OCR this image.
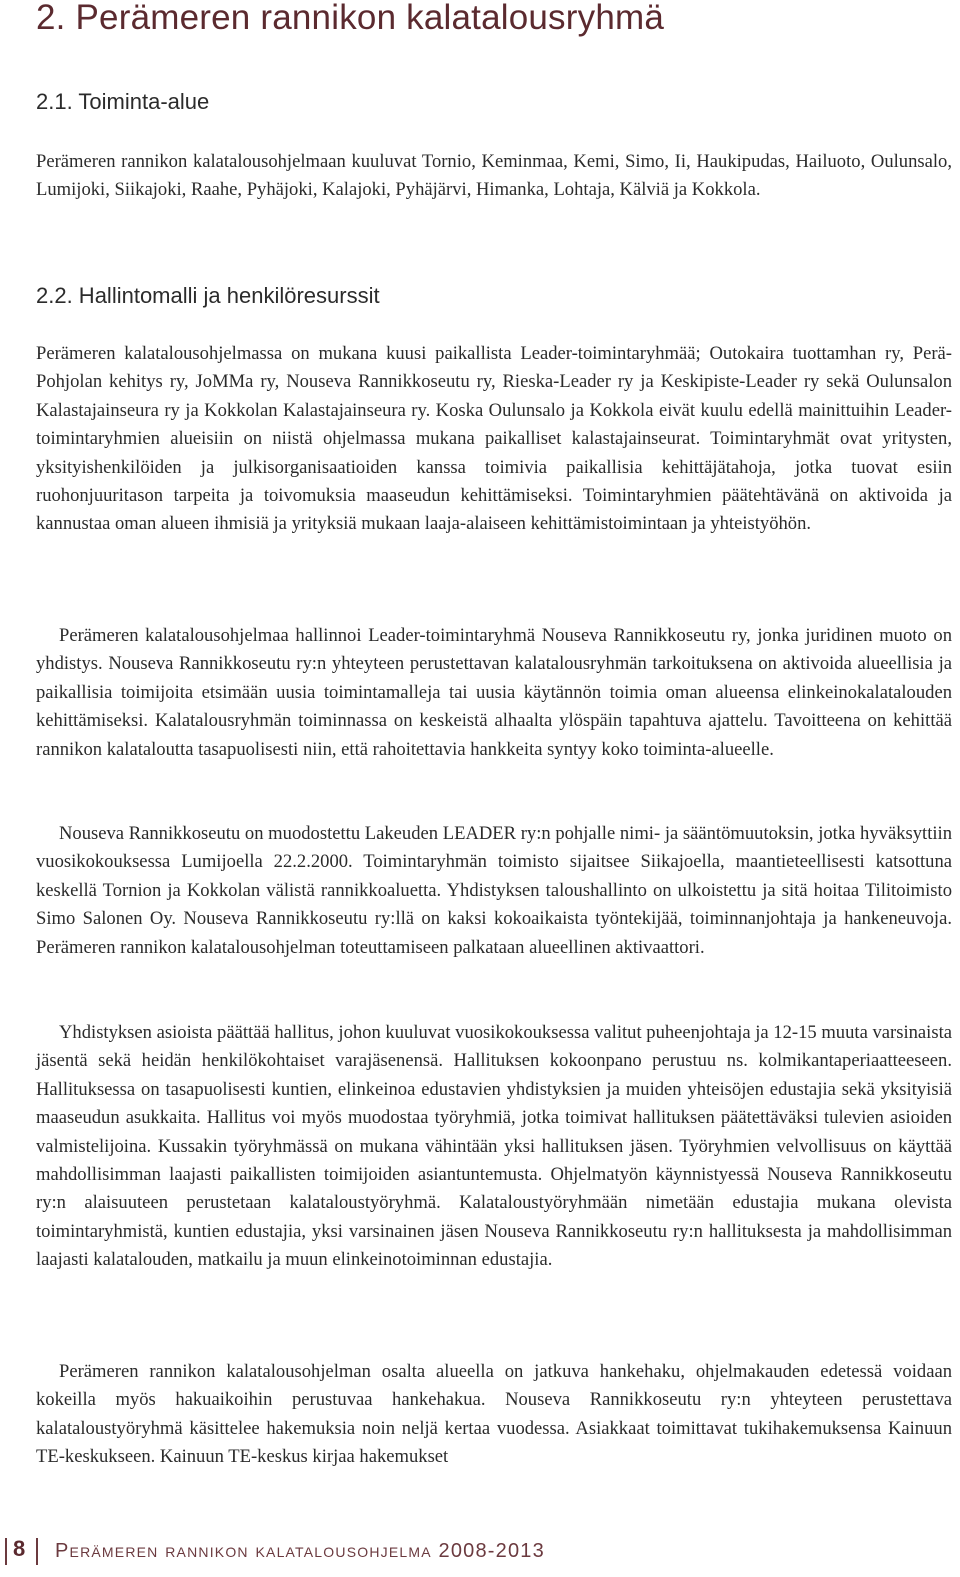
2. Perämeren rannikon kalatalousryhmä
2.1. Toiminta-alue

Perämeren rannikon kalatalousohjelmaan kuuluvat Tornio, Keminmaa, Kemi, Simo, Ii, Haukipudas, Hailuoto, Oulunsalo, Lumijoki, Siikajoki, Raahe, Pyhäjoki, Kalajoki, Pyhäjärvi, Himanka, Lohtaja, Kälviä ja Kokkola.

2.2. Hallintomalli ja henkilöresurssit

Perämeren kalatalousohjelmassa on mukana kuusi paikallista Leader-toimintaryhmää; Outokaira tuottamhan ry, Perä-Pohjolan kehitys ry, JoMMa ry, Nouseva Rannikkoseutu ry, Rieska-Leader ry ja Keskipiste-Leader ry sekä Oulunsalon Kalastajainseura ry ja Kokkolan Kalastajainseura ry. Koska Oulunsalo ja Kokkola eivät kuulu edellä mainittuihin Leader-toimintaryhmien alueisiin on niistä ohjelmassa mukana paikalliset kalastajainseurat. Toimintaryhmät ovat yritysten, yksityishenkilöiden ja julkisorganisaatioiden kanssa toimivia paikallisia kehittäjätahoja, jotka tuovat esiin ruohonjuuritason tarpeita ja toivomuksia maaseudun kehittämiseksi. Toimintaryhmien päätehtävänä on aktivoida ja kannustaa oman alueen ihmisiä ja yrityksiä mukaan laaja-alaiseen kehittämistoimintaan ja yhteistyöhön.

Perämeren kalatalousohjelmaa hallinnoi Leader-toimintaryhmä Nouseva Rannikkoseutu ry, jonka juridinen muoto on yhdistys. Nouseva Rannikkoseutu ry:n yhteyteen perustettavan kalatalousryhmän tarkoituksena on aktivoida alueellisia ja paikallisia toimijoita etsimään uusia toimintamalleja tai uusia käytännön toimia oman alueensa elinkeinokalatalouden kehittämiseksi. Kalatalousryhmän toiminnassa on keskeistä alhaalta ylöspäin tapahtuva ajattelu. Tavoitteena on kehittää rannikon kalataloutta tasapuolisesti niin, että rahoitettavia hankkeita syntyy koko toiminta-alueelle.

Nouseva Rannikkoseutu on muodostettu Lakeuden LEADER ry:n pohjalle nimi- ja sääntömuutoksin, jotka hyväksyttiin vuosikokouksessa Lumijoella 22.2.2000. Toimintaryhmän toimisto sijaitsee Siikajoella, maantieteellisesti katsottuna keskellä Tornion ja Kokkolan välistä rannikkoaluetta. Yhdistyksen taloushallinto on ulkoistettu ja sitä hoitaa Tilitoimisto Simo Salonen Oy. Nouseva Rannikkoseutu ry:llä on kaksi kokoaikaista työntekijää, toiminnanjohtaja ja hankeneuvoja. Perämeren rannikon kalatalousohjelman toteuttamiseen palkataan alueellinen aktivaattori.

Yhdistyksen asioista päättää hallitus, johon kuuluvat vuosikokouksessa valitut puheenjohtaja ja 12-15 muuta varsinaista jäsentä sekä heidän henkilökohtaiset varajäsenensä. Hallituksen kokoonpano perustuu ns. kolmikantaperiaatteeseen. Hallituksessa on tasapuolisesti kuntien, elinkeinoa edustavien yhdistyksien ja muiden yhteisöjen edustajia sekä yksityisiä maaseudun asukkaita. Hallitus voi myös muodostaa työryhmiä, jotka toimivat hallituksen päätettäväksi tulevien asioiden valmistelijoina. Kussakin työryhmässä on mukana vähintään yksi hallituksen jäsen. Työryhmien velvollisuus on käyttää mahdollisimman laajasti paikallisten toimijoiden asiantuntemusta. Ohjelmatyön käynnistyessä Nouseva Rannikkoseutu ry:n alaisuuteen perustetaan kalataloustyöryhmä. Kalataloustyöryhmään nimetään edustajia mukana olevista toimintaryhmistä, kuntien edustajia, yksi varsinainen jäsen Nouseva Rannikkoseutu ry:n hallituksesta ja mahdollisimman laajasti kalatalouden, matkailu ja muun elinkeinotoiminnan edustajia.

Perämeren rannikon kalatalousohjelman osalta alueella on jatkuva hankehaku, ohjelmakauden edetessä voidaan kokeilla myös hakuaikoihin perustuvaa hankehakua. Nouseva Rannikkoseutu ry:n yhteyteen perustettava kalataloustyöryhmä käsittelee hakemuksia noin neljä kertaa vuodessa. Asiakkaat toimittavat tukihakemuksensa Kainuun TE-keskukseen. Kainuun TE-keskus kirjaa hakemukset

8 Perämeren rannikon kalatalousohjelma 2008-2013
